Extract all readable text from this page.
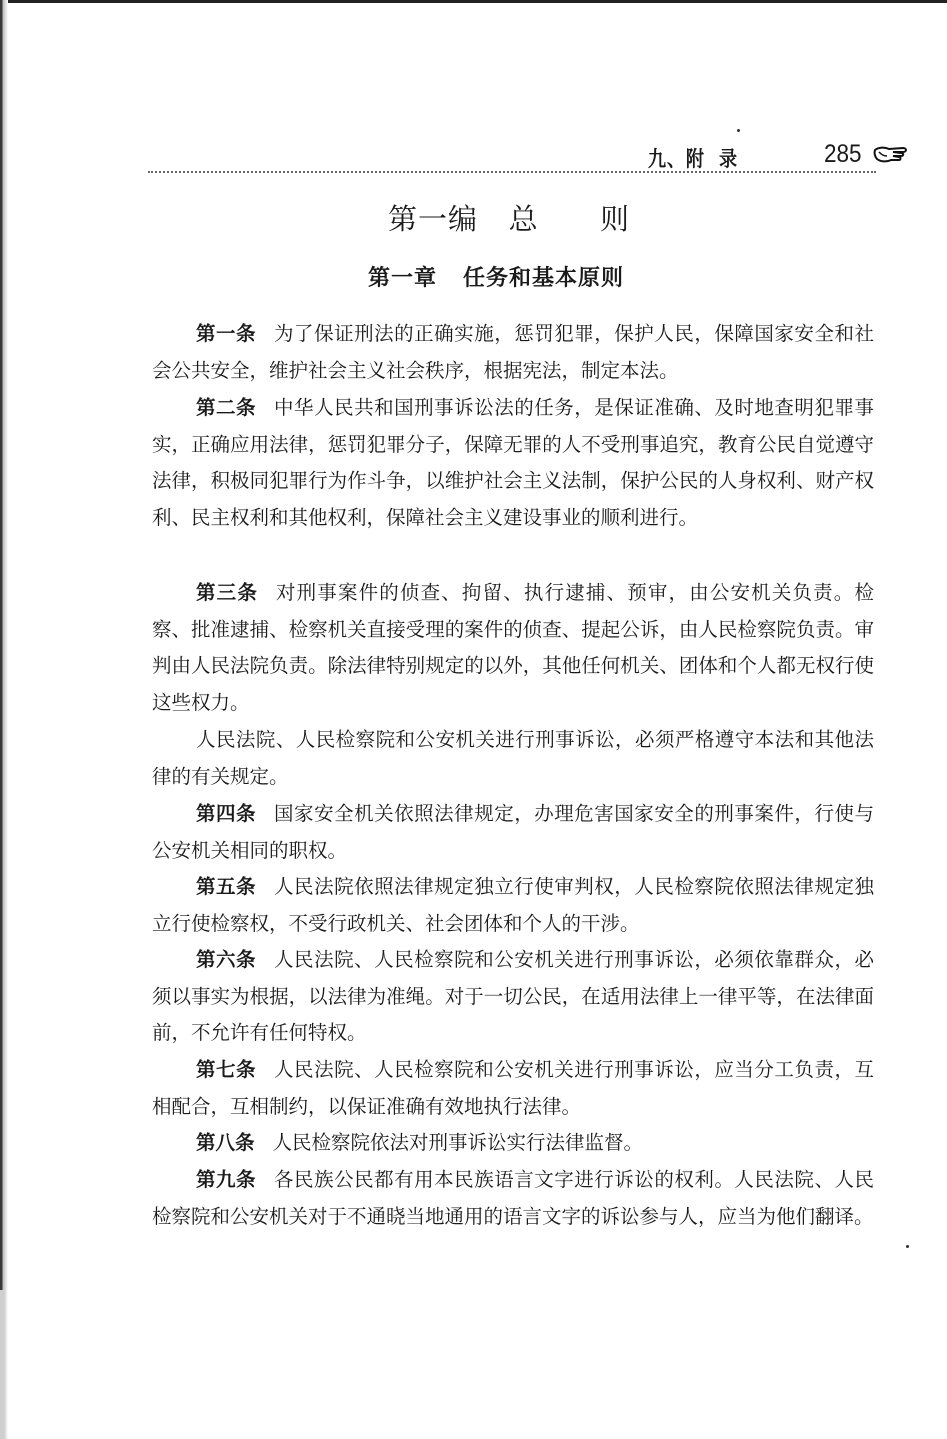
九、附  录	285
第一编   总      则
第一章   任务和基本原则

第一条 为了保证刑法的正确实施，惩罚犯罪，保护人民，保障国家安全和社会公共安全，维护社会主义社会秩序，根据宪法，制定本法。

第二条 中华人民共和国刑事诉讼法的任务，是保证准确、及时地查明犯罪事实，正确应用法律，惩罚犯罪分子，保障无罪的人不受刑事追究，教育公民自觉遵守法律，积极同犯罪行为作斗争，以维护社会主义法制，保护公民的人身权利、财产权利、民主权利和其他权利，保障社会主义建设事业的顺利进行。

第三条 对刑事案件的侦查、拘留、执行逮捕、预审，由公安机关负责。检察、批准逮捕、检察机关直接受理的案件的侦查、提起公诉，由人民检察院负责。审判由人民法院负责。除法律特别规定的以外，其他任何机关、团体和个人都无权行使这些权力。

人民法院、人民检察院和公安机关进行刑事诉讼，必须严格遵守本法和其他法律的有关规定。

第四条 国家安全机关依照法律规定，办理危害国家安全的刑事案件，行使与公安机关相同的职权。

第五条 人民法院依照法律规定独立行使审判权，人民检察院依照法律规定独立行使检察权，不受行政机关、社会团体和个人的干涉。

第六条 人民法院、人民检察院和公安机关进行刑事诉讼，必须依靠群众，必须以事实为根据，以法律为准绳。对于一切公民，在适用法律上一律平等，在法律面前，不允许有任何特权。

第七条 人民法院、人民检察院和公安机关进行刑事诉讼，应当分工负责，互相配合，互相制约，以保证准确有效地执行法律。

第八条 人民检察院依法对刑事诉讼实行法律监督。

第九条 各民族公民都有用本民族语言文字进行诉讼的权利。人民法院、人民检察院和公安机关对于不通晓当地通用的语言文字的诉讼参与人，应当为他们翻译。
